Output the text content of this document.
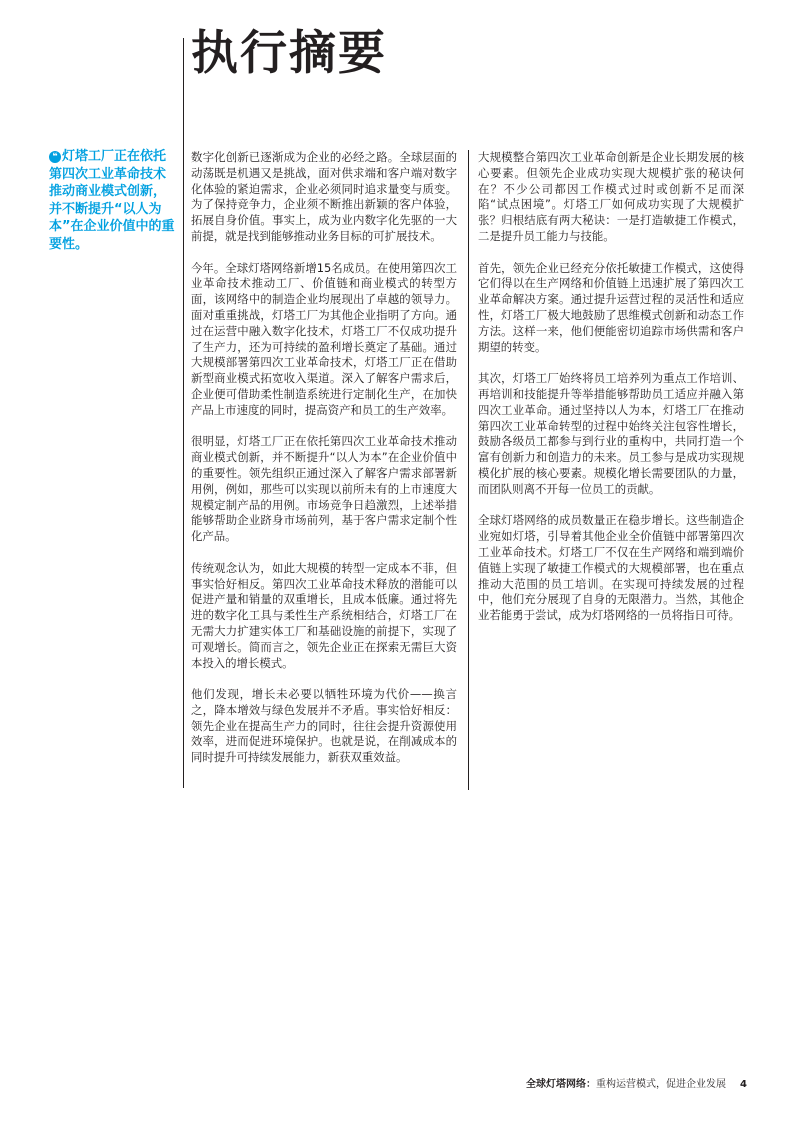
执行摘要

❝ 灯塔工厂正在依托第四次工业革命技术推动商业模式创新，并不断提升“以人为本”在企业价值中的重要性。

数字化创新已逐渐成为企业的必经之路。全球层面的动荡既是机遇又是挑战，面对供求端和客户端对数字化体验的紧迫需求，企业必须同时追求量变与质变。为了保持竞争力，企业须不断推出新颖的客户体验，拓展自身价值。事实上，成为业内数字化先驱的一大前提，就是找到能够推动业务目标的可扩展技术。

今年。全球灯塔网络新增15名成员。在使用第四次工业革命技术推动工厂、价值链和商业模式的转型方面，该网络中的制造企业均展现出了卓越的领导力。面对重重挑战，灯塔工厂为其他企业指明了方向。通过在运营中融入数字化技术，灯塔工厂不仅成功提升了生产力，还为可持续的盈利增长奠定了基础。通过大规模部署第四次工业革命技术，灯塔工厂正在借助新型商业模式拓宽收入渠道。深入了解客户需求后，企业便可借助柔性制造系统进行定制化生产，在加快产品上市速度的同时，提高资产和员工的生产效率。

很明显，灯塔工厂正在依托第四次工业革命技术推动商业模式创新，并不断提升“以人为本”在企业价值中的重要性。领先组织正通过深入了解客户需求部署新用例，例如，那些可以实现以前所未有的上市速度大规模定制产品的用例。市场竞争日趋激烈，上述举措能够帮助企业跻身市场前列，基于客户需求定制个性化产品。

传统观念认为，如此大规模的转型一定成本不菲，但事实恰好相反。第四次工业革命技术释放的潜能可以促进产量和销量的双重增长，且成本低廉。通过将先进的数字化工具与柔性生产系统相结合，灯塔工厂在无需大力扩建实体工厂和基础设施的前提下，实现了可观增长。简而言之，领先企业正在探索无需巨大资本投入的增长模式。

他们发现，增长未必要以牺牲环境为代价——换言之，降本增效与绿色发展并不矛盾。事实恰好相反：领先企业在提高生产力的同时，往往会提升资源使用效率，进而促进环境保护。也就是说，在削减成本的同时提升可持续发展能力，新获双重效益。

大规模整合第四次工业革命创新是企业长期发展的核心要素。但领先企业成功实现大规模扩张的秘诀何在？不少公司都因工作模式过时或创新不足而深陷“试点困境”。灯塔工厂如何成功实现了大规模扩张？归根结底有两大秘诀：一是打造敏捷工作模式，二是提升员工能力与技能。

首先，领先企业已经充分依托敏捷工作模式，这使得它们得以在生产网络和价值链上迅速扩展了第四次工业革命解决方案。通过提升运营过程的灵活性和适应性，灯塔工厂极大地鼓励了思维模式创新和动态工作方法。这样一来，他们便能密切追踪市场供需和客户期望的转变。

其次，灯塔工厂始终将员工培养列为重点工作培训、再培训和技能提升等举措能够帮助员工适应并融入第四次工业革命。通过坚持以人为本，灯塔工厂在推动第四次工业革命转型的过程中始终关注包容性增长，鼓励各级员工都参与到行业的重构中，共同打造一个富有创新力和创造力的未来。员工参与是成功实现规模化扩展的核心要素。规模化增长需要团队的力量，而团队则离不开每一位员工的贡献。

全球灯塔网络的成员数量正在稳步增长。这些制造企业宛如灯塔，引导着其他企业全价值链中部署第四次工业革命技术。灯塔工厂不仅在生产网络和端到端价值链上实现了敏捷工作模式的大规模部署，也在重点推动大范围的员工培训。在实现可持续发展的过程中，他们充分展现了自身的无限潜力。当然，其他企业若能勇于尝试，成为灯塔网络的一员将指日可待。

全球灯塔网络：重构运营模式，促进企业发展 4
